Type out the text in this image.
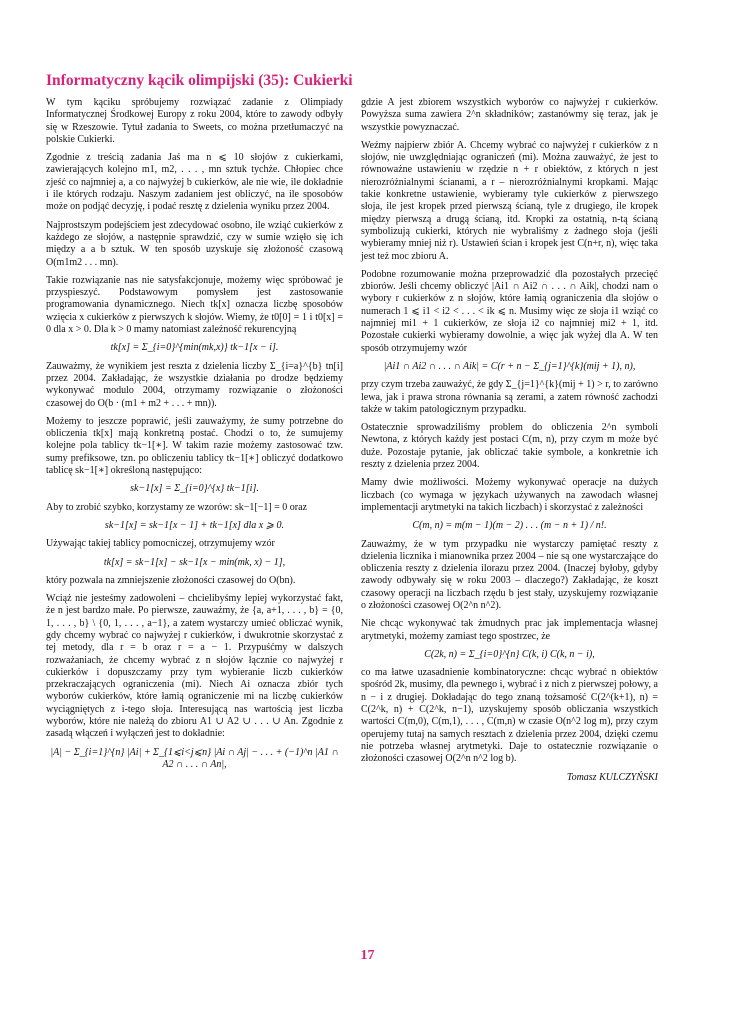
Informatyczny kącik olimpijski (35): Cukierki

W tym kąciku spróbujemy rozwiązać zadanie z Olimpiady Informatycznej Środkowej Europy z roku 2004, które to zawody odbyły się w Rzeszowie. Tytuł zadania to Sweets, co można przetłumaczyć na polskie Cukierki.

Zgodnie z treścią zadania Jaś ma n ⩽ 10 słojów z cukierkami, zawierających kolejno m1, m2, . . . , mn sztuk tychże. Chłopiec chce zjeść co najmniej a, a co najwyżej b cukierków, ale nie wie, ile dokładnie i ile których rodzaju. Naszym zadaniem jest obliczyć, na ile sposobów może on podjąć decyzję, i podać resztę z dzielenia wyniku przez 2004.

Najprostszym podejściem jest zdecydować osobno, ile wziąć cukierków z każdego ze słojów, a następnie sprawdzić, czy w sumie wzięło się ich między a a b sztuk. W ten sposób uzyskuje się złożoność czasową O(m1m2 . . . mn).

Takie rozwiązanie nas nie satysfakcjonuje, możemy więc spróbować je przyspieszyć. Podstawowym pomysłem jest zastosowanie programowania dynamicznego. Niech tk[x] oznacza liczbę sposobów wzięcia x cukierków z pierwszych k słojów. Wiemy, że t0[0] = 1 i t0[x] = 0 dla x > 0. Dla k > 0 mamy natomiast zależność rekurencyjną

tk[x] = Σ_{i=0}^{min(mk,x)} tk−1[x − i].

Zauważmy, że wynikiem jest reszta z dzielenia liczby Σ_{i=a}^{b} tn[i] przez 2004. Zakładając, że wszystkie działania po drodze będziemy wykonywać modulo 2004, otrzymamy rozwiązanie o złożoności czasowej do O(b · (m1 + m2 + . . . + mn)).

Możemy to jeszcze poprawić, jeśli zauważymy, że sumy potrzebne do obliczenia tk[x] mają konkretną postać. Chodzi o to, że sumujemy kolejne pola tablicy tk−1[∗]. W takim razie możemy zastosować tzw. sumy prefiksowe, tzn. po obliczeniu tablicy tk−1[∗] obliczyć dodatkowo tablicę sk−1[∗] określoną następująco:

sk−1[x] = Σ_{i=0}^{x} tk−1[i].

Aby to zrobić szybko, korzystamy ze wzorów: sk−1[−1] = 0 oraz

sk−1[x] = sk−1[x − 1] + tk−1[x] dla x ⩾ 0.

Używając takiej tablicy pomocniczej, otrzymujemy wzór

tk[x] = sk−1[x] − sk−1[x − min(mk, x) − 1],

który pozwala na zmniejszenie złożoności czasowej do O(bn).

Wciąż nie jesteśmy zadowoleni – chcielibyśmy lepiej wykorzystać fakt, że n jest bardzo małe. Po pierwsze, zauważmy, że {a, a+1, . . . , b} = {0, 1, . . . , b} \ {0, 1, . . . , a−1}, a zatem wystarczy umieć obliczać wynik, gdy chcemy wybrać co najwyżej r cukierków, i dwukrotnie skorzystać z tej metody, dla r = b oraz r = a − 1. Przypuśćmy w dalszych rozważaniach, że chcemy wybrać z n słojów łącznie co najwyżej r cukierków i dopuszczamy przy tym wybieranie liczb cukierków przekraczających ograniczenia (mi). Niech Ai oznacza zbiór tych wyborów cukierków, które łamią ograniczenie mi na liczbę cukierków wyciągniętych z i-tego słoja. Interesującą nas wartością jest liczba wyborów, które nie należą do zbioru A1 ∪ A2 ∪ . . . ∪ An. Zgodnie z zasadą włączeń i wyłączeń jest to dokładnie:

|A| − Σ_{i=1}^{n} |Ai| + Σ_{1⩽i<j⩽n} |Ai ∩ Aj| − . . . + (−1)^n |A1 ∩ A2 ∩ . . . ∩ An|,

gdzie A jest zbiorem wszystkich wyborów co najwyżej r cukierków. Powyższa suma zawiera 2^n składników; zastanówmy się teraz, jak je wszystkie powyznaczać.

Weźmy najpierw zbiór A. Chcemy wybrać co najwyżej r cukierków z n słojów, nie uwzględniając ograniczeń (mi). Można zauważyć, że jest to równoważne ustawieniu w rzędzie n + r obiektów, z których n jest nierozróżnialnymi ścianami, a r – nierozróżnialnymi kropkami. Mając takie konkretne ustawienie, wybieramy tyle cukierków z pierwszego słoja, ile jest kropek przed pierwszą ścianą, tyle z drugiego, ile kropek między pierwszą a drugą ścianą, itd. Kropki za ostatnią, n-tą ścianą symbolizują cukierki, których nie wybraliśmy z żadnego słoja (jeśli wybieramy mniej niż r). Ustawień ścian i kropek jest C(n+r, n), więc taka jest też moc zbioru A.

Podobne rozumowanie można przeprowadzić dla pozostałych przecięć zbiorów. Jeśli chcemy obliczyć |Ai1 ∩ Ai2 ∩ . . . ∩ Aik|, chodzi nam o wybory r cukierków z n słojów, które łamią ograniczenia dla słojów o numerach 1 ⩽ i1 < i2 < . . . < ik ⩽ n. Musimy więc ze słoja i1 wziąć co najmniej mi1 + 1 cukierków, ze słoja i2 co najmniej mi2 + 1, itd. Pozostałe cukierki wybieramy dowolnie, a więc jak wyżej dla A. W ten sposób otrzymujemy wzór

|Ai1 ∩ Ai2 ∩ . . . ∩ Aik| = C(r + n − Σ_{j=1}^{k}(mij + 1), n),

przy czym trzeba zauważyć, że gdy Σ_{j=1}^{k}(mij + 1) > r, to zarówno lewa, jak i prawa strona równania są zerami, a zatem równość zachodzi także w takim patologicznym przypadku.

Ostatecznie sprowadziliśmy problem do obliczenia 2^n symboli Newtona, z których każdy jest postaci C(m, n), przy czym m może być duże. Pozostaje pytanie, jak obliczać takie symbole, a konkretnie ich reszty z dzielenia przez 2004.

Mamy dwie możliwości. Możemy wykonywać operacje na dużych liczbach (co wymaga w językach używanych na zawodach własnej implementacji arytmetyki na takich liczbach) i skorzystać z zależności

C(m, n) = m(m − 1)(m − 2) . . . (m − n + 1) / n!.

Zauważmy, że w tym przypadku nie wystarczy pamiętać reszty z dzielenia licznika i mianownika przez 2004 – nie są one wystarczające do obliczenia reszty z dzielenia ilorazu przez 2004. (Inaczej byłoby, gdyby zawody odbywały się w roku 2003 – dlaczego?) Zakładając, że koszt czasowy operacji na liczbach rzędu b jest stały, uzyskujemy rozwiązanie o złożoności czasowej O(2^n n^2).

Nie chcąc wykonywać tak żmudnych prac jak implementacja własnej arytmetyki, możemy zamiast tego spostrzec, że

C(2k, n) = Σ_{i=0}^{n} C(k, i) C(k, n − i),

co ma łatwe uzasadnienie kombinatoryczne: chcąc wybrać n obiektów spośród 2k, musimy, dla pewnego i, wybrać i z nich z pierwszej połowy, a n − i z drugiej. Dokładając do tego znaną tożsamość C(2^(k+1), n) = C(2^k, n) + C(2^k, n−1), uzyskujemy sposób obliczania wszystkich wartości C(m,0), C(m,1), . . . , C(m,n) w czasie O(n^2 log m), przy czym operujemy tutaj na samych resztach z dzielenia przez 2004, dzięki czemu nie potrzeba własnej arytmetyki. Daje to ostatecznie rozwiązanie o złożoności czasowej O(2^n n^2 log b).

Tomasz KULCZYŃSKI
17
